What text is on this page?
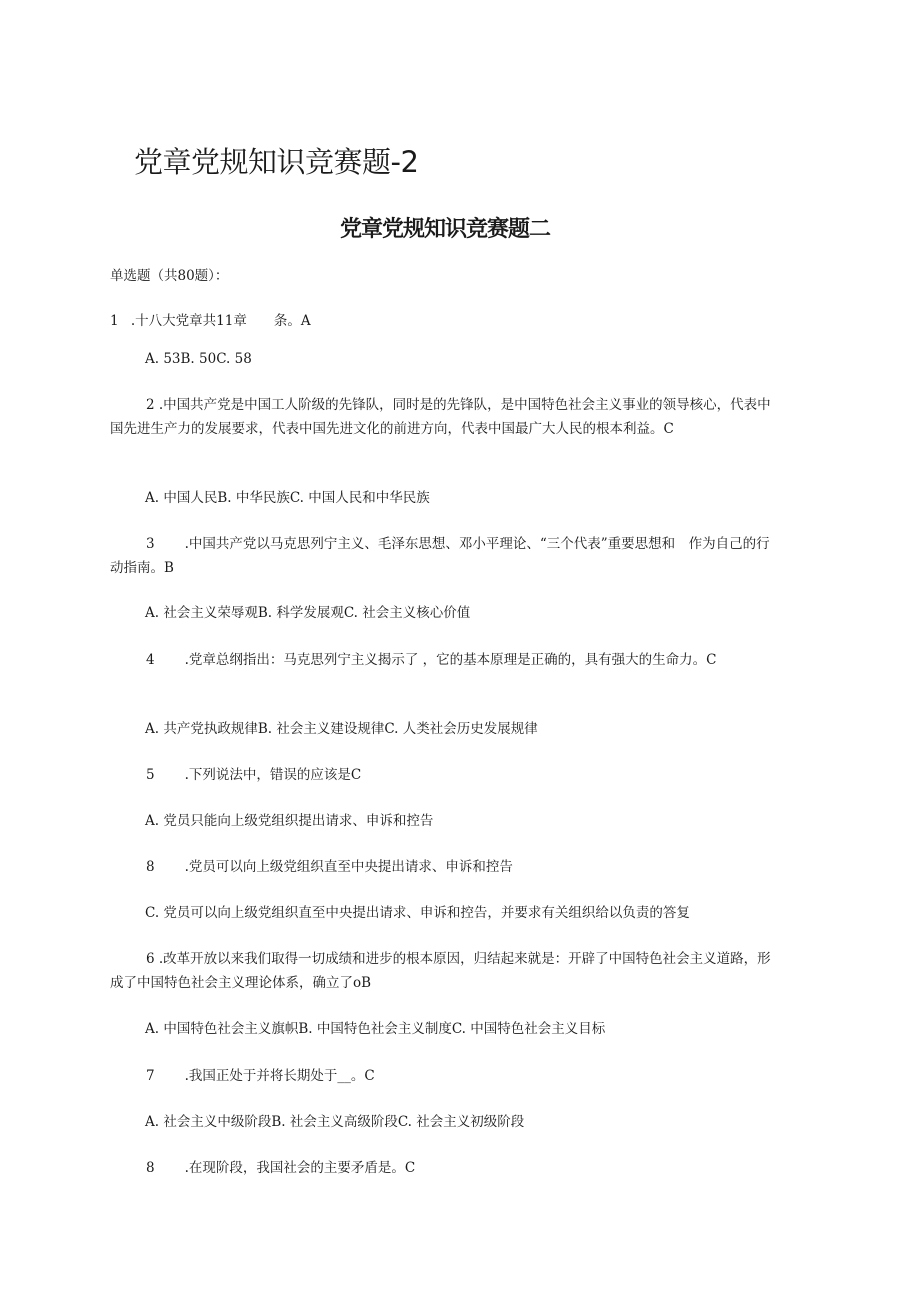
党章党规知识竞赛题-2
党章党规知识竞赛题二
单选题（共80题）：
1 .十八大党章共11章　　条。A
A. 53B. 50C. 58

2 .中国共产党是中国工人阶级的先锋队，同时是的先锋队，是中国特色社会主义事业的领导核心，代表中国先进生产力的发展要求，代表中国先进文化的前进方向，代表中国最广大人民的根本利益。C

A. 中国人民B. 中华民族C. 中国人民和中华民族

3 .中国共产党以马克思列宁主义、毛泽东思想、邓小平理论、“三个代表”重要思想和　作为自己的行动指南。B

A. 社会主义荣辱观B. 科学发展观C. 社会主义核心价值

4 .党章总纲指出：马克思列宁主义揭示了 ，它的基本原理是正确的，具有强大的生命力。C

A. 共产党执政规律B. 社会主义建设规律C. 人类社会历史发展规律
5 .下列说法中，错误的应该是C
A. 党员只能向上级党组织提出请求、申诉和控告
8 .党员可以向上级党组织直至中央提出请求、申诉和控告
C. 党员可以向上级党组织直至中央提出请求、申诉和控告，并要求有关组织给以负责的答复

6 .改革开放以来我们取得一切成绩和进步的根本原因，归结起来就是：开辟了中国特色社会主义道路，形成了中国特色社会主义理论体系，确立了oB

A. 中国特色社会主义旗帜B. 中国特色社会主义制度C. 中国特色社会主义目标
7 .我国正处于并将长期处于__。C
A. 社会主义中级阶段B. 社会主义高级阶段C. 社会主义初级阶段
8 .在现阶段，我国社会的主要矛盾是。C
